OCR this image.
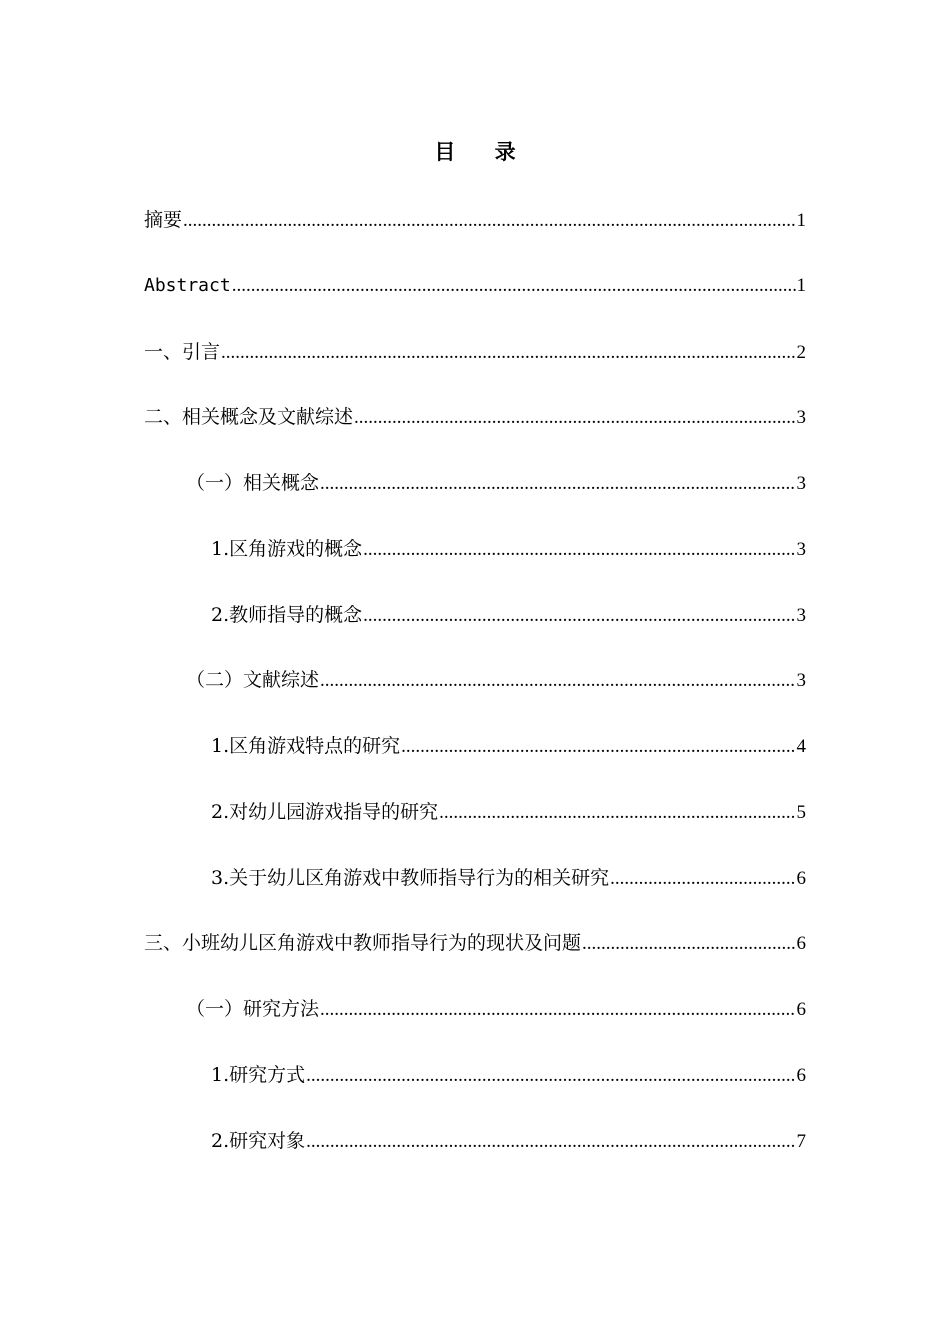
目 录
摘要 .....	1
Abstract .....	1
一、引言 .....	2
二、相关概念及文献综述 .....	3
（一）相关概念 .....	3
1.区角游戏的概念 .....	3
2.教师指导的概念 .....	3
（二）文献综述 .....	3
1.区角游戏特点的研究 .....	4
2.对幼儿园游戏指导的研究 .....	5
3.关于幼儿区角游戏中教师指导行为的相关研究 .....	6
三、小班幼儿区角游戏中教师指导行为的现状及问题 .....	6
（一）研究方法 .....	6
1.研究方式 .....	6
2.研究对象 .....	7
